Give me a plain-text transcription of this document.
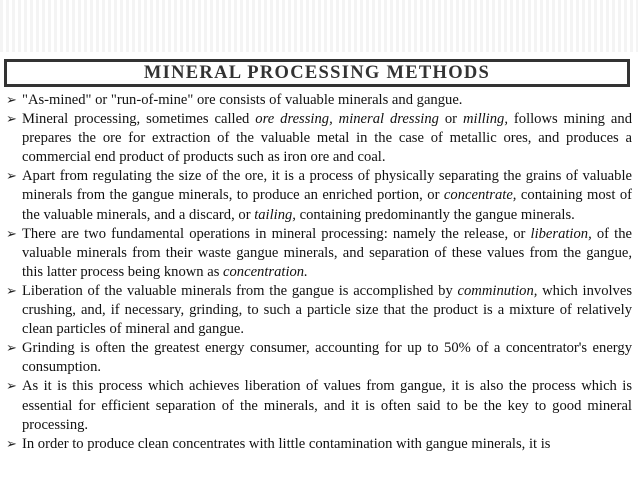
MINERAL PROCESSING METHODS
➢ "As-mined" or "run-of-mine" ore consists of valuable minerals and gangue.
➢ Mineral processing, sometimes called ore dressing, mineral dressing or milling, follows mining and prepares the ore for extraction of the valuable metal in the case of metallic ores, and produces a commercial end product of products such as iron ore and coal.
➢ Apart from regulating the size of the ore, it is a process of physically separating the grains of valuable minerals from the gangue minerals, to produce an enriched portion, or concentrate, containing most of the valuable minerals, and a discard, or tailing, containing predominantly the gangue minerals.
➢ There are two fundamental operations in mineral processing: namely the release, or liberation, of the valuable minerals from their waste gangue minerals, and separation of these values from the gangue, this latter process being known as concentration.
➢ Liberation of the valuable minerals from the gangue is accomplished by comminution, which involves crushing, and, if necessary, grinding, to such a particle size that the product is a mixture of relatively clean particles of mineral and gangue.
➢ Grinding is often the greatest energy consumer, accounting for up to 50% of a concentrator's energy consumption.
➢ As it is this process which achieves liberation of values from gangue, it is also the process which is essential for efficient separation of the minerals, and it is often said to be the key to good mineral processing.
➢ In order to produce clean concentrates with little contamination with gangue minerals, it is
